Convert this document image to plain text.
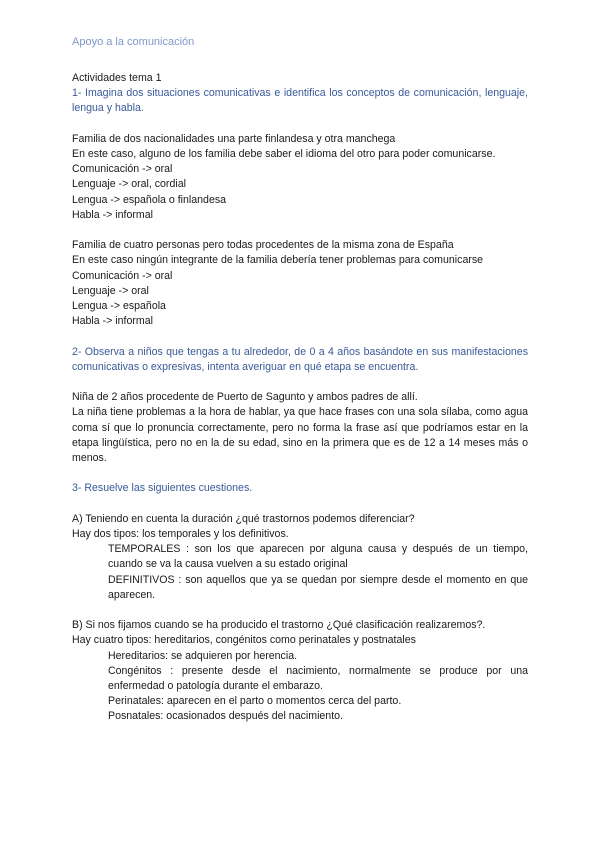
Apoyo a la comunicación

Actividades tema 1

1- Imagina dos situaciones comunicativas e identifica los conceptos de comunicación, lenguaje, lengua y habla.

Familia de dos nacionalidades una parte finlandesa y otra manchega

En este caso, alguno de los familia debe saber el idioma del otro para poder comunicarse.

Comunicación -> oral

Lenguaje -> oral, cordial

Lengua -> española o finlandesa

Habla -> informal

Familia de cuatro personas pero todas procedentes de la misma zona de España

En este caso ningún integrante de la familia debería tener problemas para comunicarse

Comunicación -> oral

Lenguaje -> oral

Lengua -> española

Habla -> informal

2- Observa a niños que tengas a tu alrededor, de 0 a 4 años basándote en sus manifestaciones comunicativas o expresivas, intenta averiguar en qué etapa se encuentra.

Niña de 2 años procedente de Puerto de Sagunto y ambos padres de allí.

La niña tiene problemas a la hora de hablar, ya que hace frases con una sola sílaba, como agua coma sí que lo pronuncia correctamente, pero no forma la frase así que podríamos estar en la etapa lingüística, pero no en la de su edad, sino en la primera que es de 12 a 14 meses más o menos.

3- Resuelve las siguientes cuestiones.

A) Teniendo en cuenta la duración ¿qué trastornos podemos diferenciar?

Hay dos tipos: los temporales y los definitivos.

TEMPORALES : son los que aparecen por alguna causa y después de un tiempo, cuando se va la causa vuelven a su estado original

DEFINITIVOS : son aquellos que ya se quedan por siempre desde el momento en que aparecen.

B) Si nos fijamos cuando se ha producido el trastorno ¿Qué clasificación realizaremos?.

Hay cuatro tipos: hereditarios, congénitos como perinatales y postnatales

Hereditarios: se adquieren por herencia.

Congénitos : presente desde el nacimiento, normalmente se produce por una enfermedad o patología durante el embarazo.

Perinatales: aparecen en el parto o momentos cerca del parto.

Posnatales: ocasionados después del nacimiento.
